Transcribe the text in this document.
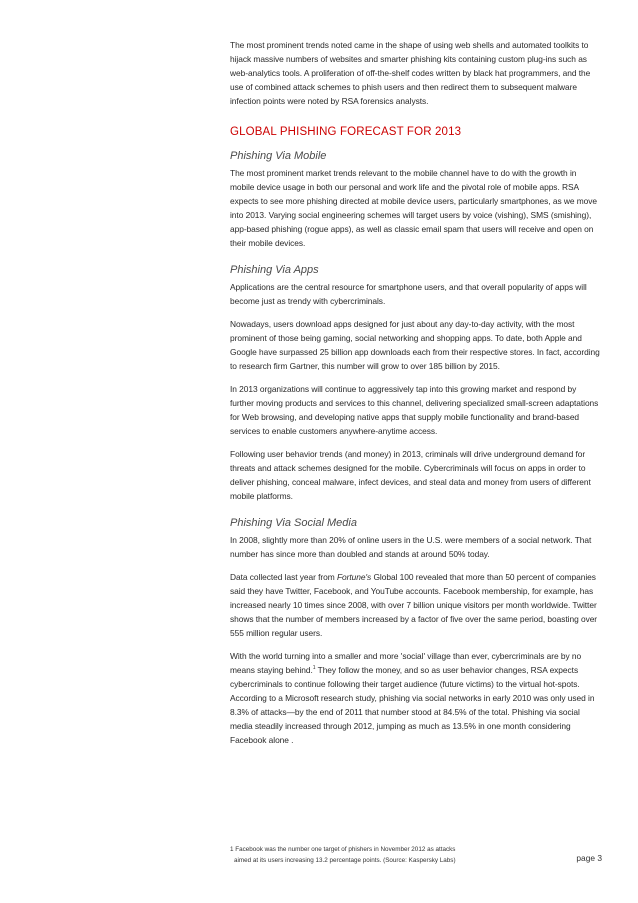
The most prominent trends noted came in the shape of using web shells and automated toolkits to hijack massive numbers of websites and smarter phishing kits containing custom plug-ins such as web-analytics tools. A proliferation of off-the-shelf codes written by black hat programmers, and the use of combined attack schemes to phish users and then redirect them to subsequent malware infection points were noted by RSA forensics analysts.

GLOBAL PHISHING FORECAST FOR 2013
Phishing Via Mobile

The most prominent market trends relevant to the mobile channel have to do with the growth in mobile device usage in both our personal and work life and the pivotal role of mobile apps. RSA expects to see more phishing directed at mobile device users, particularly smartphones, as we move into 2013. Varying social engineering schemes will target users by voice (vishing), SMS (smishing), app-based phishing (rogue apps), as well as classic email spam that users will receive and open on their mobile devices.

Phishing Via Apps

Applications are the central resource for smartphone users, and that overall popularity of apps will become just as trendy with cybercriminals.

Nowadays, users download apps designed for just about any day-to-day activity, with the most prominent of those being gaming, social networking and shopping apps. To date, both Apple and Google have surpassed 25 billion app downloads each from their respective stores. In fact, according to research firm Gartner, this number will grow to over 185 billion by 2015.

In 2013 organizations will continue to aggressively tap into this growing market and respond by further moving products and services to this channel, delivering specialized small-screen adaptations for Web browsing, and developing native apps that supply mobile functionality and brand-based services to enable customers anywhere-anytime access.

Following user behavior trends (and money) in 2013, criminals will drive underground demand for threats and attack schemes designed for the mobile. Cybercriminals will focus on apps in order to deliver phishing, conceal malware, infect devices, and steal data and money from users of different mobile platforms.

Phishing Via Social Media

In 2008, slightly more than 20% of online users in the U.S. were members of a social network. That number has since more than doubled and stands at around 50% today.

Data collected last year from Fortune's Global 100 revealed that more than 50 percent of companies said they have Twitter, Facebook, and YouTube accounts. Facebook membership, for example, has increased nearly 10 times since 2008, with over 7 billion unique visitors per month worldwide. Twitter shows that the number of members increased by a factor of five over the same period, boasting over 555 million regular users.

With the world turning into a smaller and more 'social' village than ever, cybercriminals are by no means staying behind.$^1$ They follow the money, and so as user behavior changes, RSA expects cybercriminals to continue following their target audience (future victims) to the virtual hot-spots. According to a Microsoft research study, phishing via social networks in early 2010 was only used in 8.3% of attacks—by the end of 2011 that number stood at 84.5% of the total. Phishing via social media steadily increased through 2012, jumping as much as 13.5% in one month considering Facebook alone .

1 Facebook was the number one target of phishers in November 2012 as attacks
aimed at its users increasing 13.2 percentage points. (Source: Kaspersky Labs)	page 3
